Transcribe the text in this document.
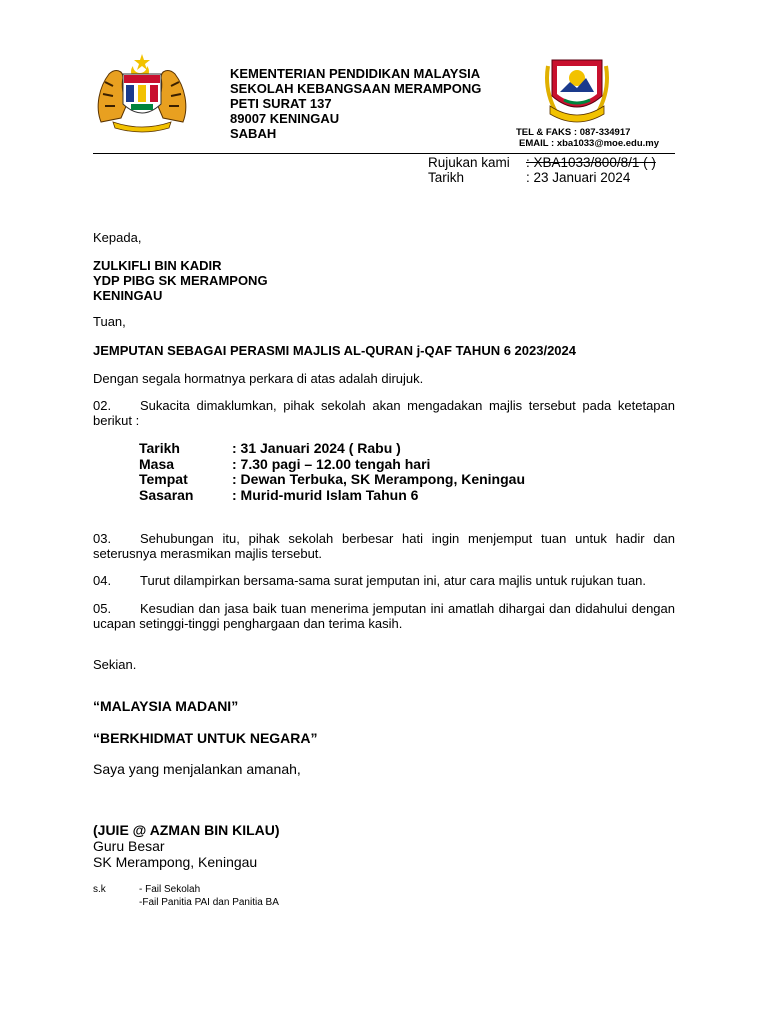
KEMENTERIAN PENDIDIKAN MALAYSIA
SEKOLAH KEBANGSAAN MERAMPONG
PETI SURAT 137
89007 KENINGAU
SABAH	TEL & FAKS : 087-334917
EMAIL : xba1033@moe.edu.my
Rujukan kami	: XBA1033/800/8/1 ( )
Tarikh	: 23 Januari 2024
Kepada,
ZULKIFLI BIN KADIR
YDP PIBG SK MERAMPONG
KENINGAU
Tuan,
JEMPUTAN SEBAGAI PERASMI MAJLIS AL-QURAN j-QAF TAHUN 6 2023/2024
Dengan segala hormatnya perkara di atas adalah dirujuk.
02. Sukacita dimaklumkan, pihak sekolah akan mengadakan majlis tersebut pada ketetapan berikut :
Tarikh	: 31 Januari 2024 ( Rabu )
Masa	: 7.30 pagi – 12.00 tengah hari
Tempat	: Dewan Terbuka, SK Merampong, Keningau
Sasaran	: Murid-murid Islam Tahun 6
03. Sehubungan itu, pihak sekolah berbesar hati ingin menjemput tuan untuk hadir dan seterusnya merasmikan majlis tersebut.
04. Turut dilampirkan bersama-sama surat jemputan ini, atur cara majlis untuk rujukan tuan.
05. Kesudian dan jasa baik tuan menerima jemputan ini amatlah dihargai dan didahului dengan ucapan setinggi-tinggi penghargaan dan terima kasih.
Sekian.
“MALAYSIA MADANI”
“BERKHIDMAT UNTUK NEGARA”
Saya yang menjalankan amanah,
(JUIE @ AZMAN BIN KILAU)
Guru Besar
SK Merampong, Keningau
s.k	- Fail Sekolah
-Fail Panitia PAI dan Panitia BA
